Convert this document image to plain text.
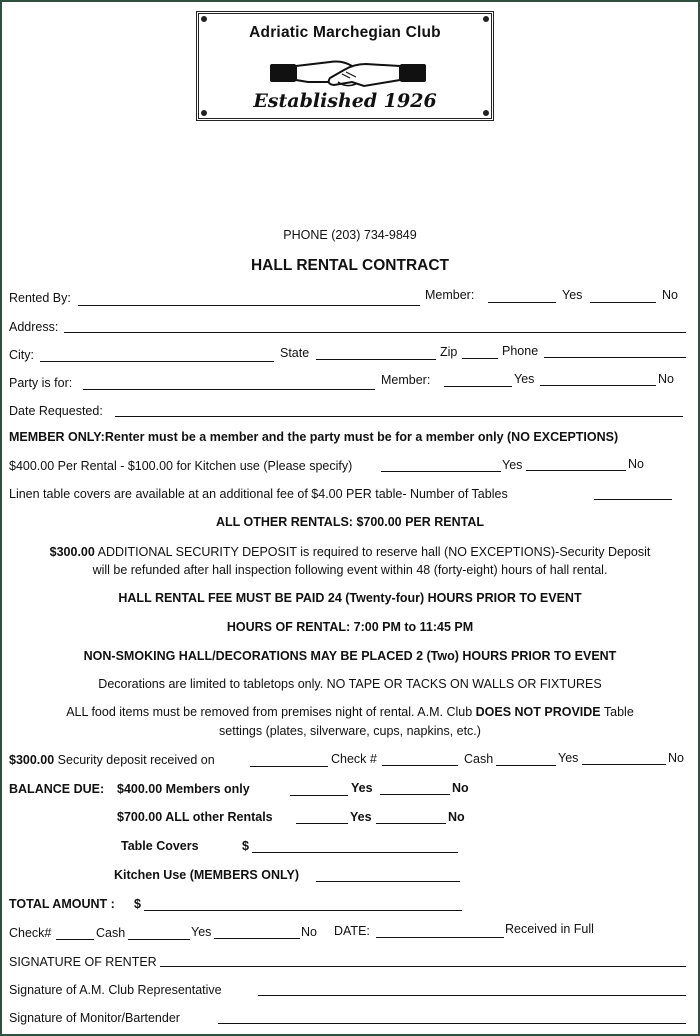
Adriatic Marchegian Club
Established 1926
PHONE (203) 734-9849
HALL RENTAL CONTRACT
Rented By:	Member:	Yes	No
Address:
City:	State	Zip	Phone
Party is for:	Member:	Yes	No
Date Requested:
MEMBER ONLY:Renter must be a member and the party must be for a member only (NO EXCEPTIONS)
$400.00 Per Rental - $100.00 for Kitchen use (Please specify)	Yes	No
Linen table covers are available at an additional fee of $4.00 PER table- Number of Tables
ALL OTHER RENTALS: $700.00 PER RENTAL
$300.00 ADDITIONAL SECURITY DEPOSIT is required to reserve hall (NO EXCEPTIONS)-Security Deposit
will be refunded after hall inspection following event within 48 (forty-eight) hours of hall rental.
HALL RENTAL FEE MUST BE PAID 24 (Twenty-four) HOURS PRIOR TO EVENT
HOURS OF RENTAL: 7:00 PM to 11:45 PM
NON-SMOKING HALL/DECORATIONS MAY BE PLACED 2 (Two) HOURS PRIOR TO EVENT
Decorations are limited to tabletops only. NO TAPE OR TACKS ON WALLS OR FIXTURES
ALL food items must be removed from premises night of rental. A.M. Club DOES NOT PROVIDE Table
settings (plates, silverware, cups, napkins, etc.)
$300.00 Security deposit received on	Check #	Cash	Yes	No
BALANCE DUE: $400.00 Members only	Yes	No
$700.00 ALL other Rentals	Yes	No
Table Covers	$
Kitchen Use (MEMBERS ONLY)
TOTAL AMOUNT : $
Check#	Cash	Yes	No DATE:	Received in Full
SIGNATURE OF RENTER
Signature of A.M. Club Representative
Signature of Monitor/Bartender
